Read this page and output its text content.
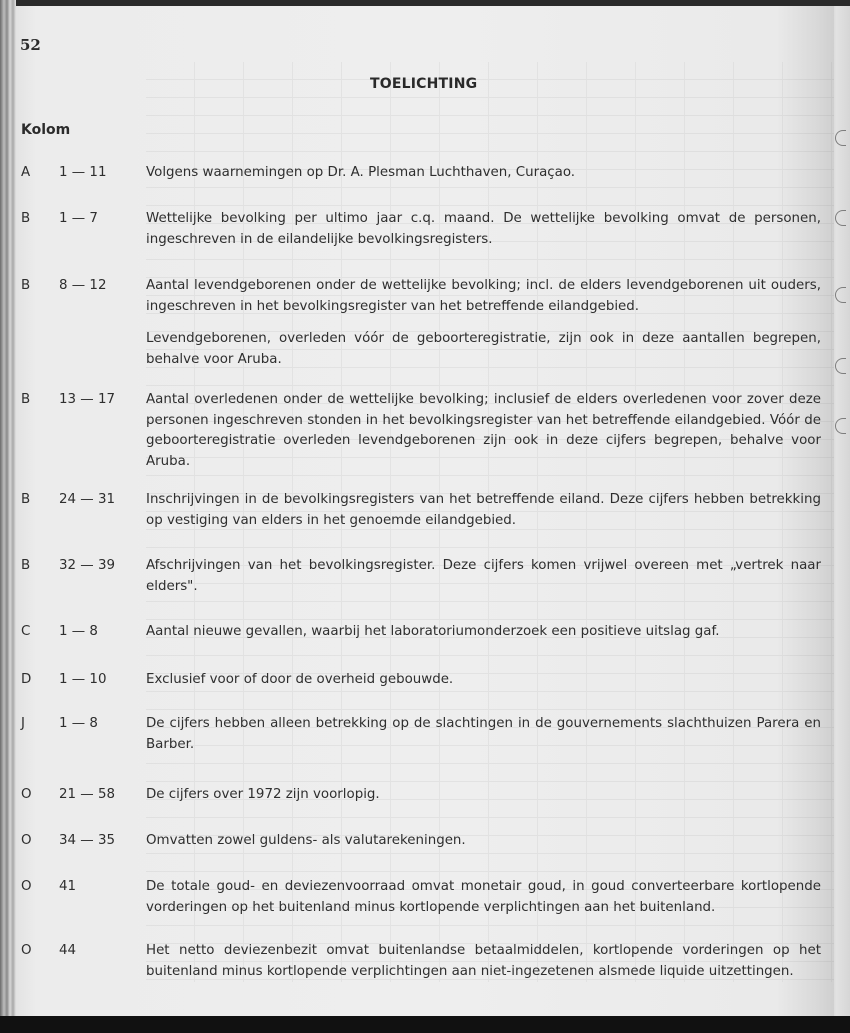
52
TOELICHTING
Kolom
A	1 — 11	Volgens waarnemingen op Dr. A. Plesman Luchthaven, Curaçao.

B	1 — 7	Wettelijke bevolking per ultimo jaar c.q. maand. De wettelijke bevolking omvat de personen, ingeschreven in de eilandelijke bevolkingsregisters.

B	8 — 12	Aantal levendgeborenen onder de wettelijke bevolking; incl. de elders levendgeborenen uit ouders, ingeschreven in het bevolkingsregister van het betreffende eilandgebied.

Levendgeborenen, overleden vóór de geboorteregistratie, zijn ook in deze aantallen begrepen, behalve voor Aruba.

B	13 — 17	Aantal overledenen onder de wettelijke bevolking; inclusief de elders overledenen voor zover deze personen ingeschreven stonden in het bevolkingsregister van het betreffende eilandgebied. Vóór de geboorteregistratie overleden levendgeborenen zijn ook in deze cijfers begrepen, behalve voor Aruba.

B	24 — 31	Inschrijvingen in de bevolkingsregisters van het betreffende eiland. Deze cijfers hebben betrekking op vestiging van elders in het genoemde eilandgebied.

B	32 — 39	Afschrijvingen van het bevolkingsregister. Deze cijfers komen vrijwel overeen met „vertrek naar elders".

C	1 — 8	Aantal nieuwe gevallen, waarbij het laboratoriumonderzoek een positieve uitslag gaf.

D	1 — 10	Exclusief voor of door de overheid gebouwde.

J	1 — 8	De cijfers hebben alleen betrekking op de slachtingen in de gouvernements slachthuizen Parera en Barber.

O	21 — 58	De cijfers over 1972 zijn voorlopig.

O	34 — 35	Omvatten zowel guldens- als valutarekeningen.

O	41	De totale goud- en deviezenvoorraad omvat monetair goud, in goud converteerbare kortlopende vorderingen op het buitenland minus kortlopende verplichtingen aan het buitenland.

O	44	Het netto deviezenbezit omvat buitenlandse betaalmiddelen, kortlopende vorderingen op het buitenland minus kortlopende verplichtingen aan niet-ingezetenen alsmede liquide uitzettingen.
